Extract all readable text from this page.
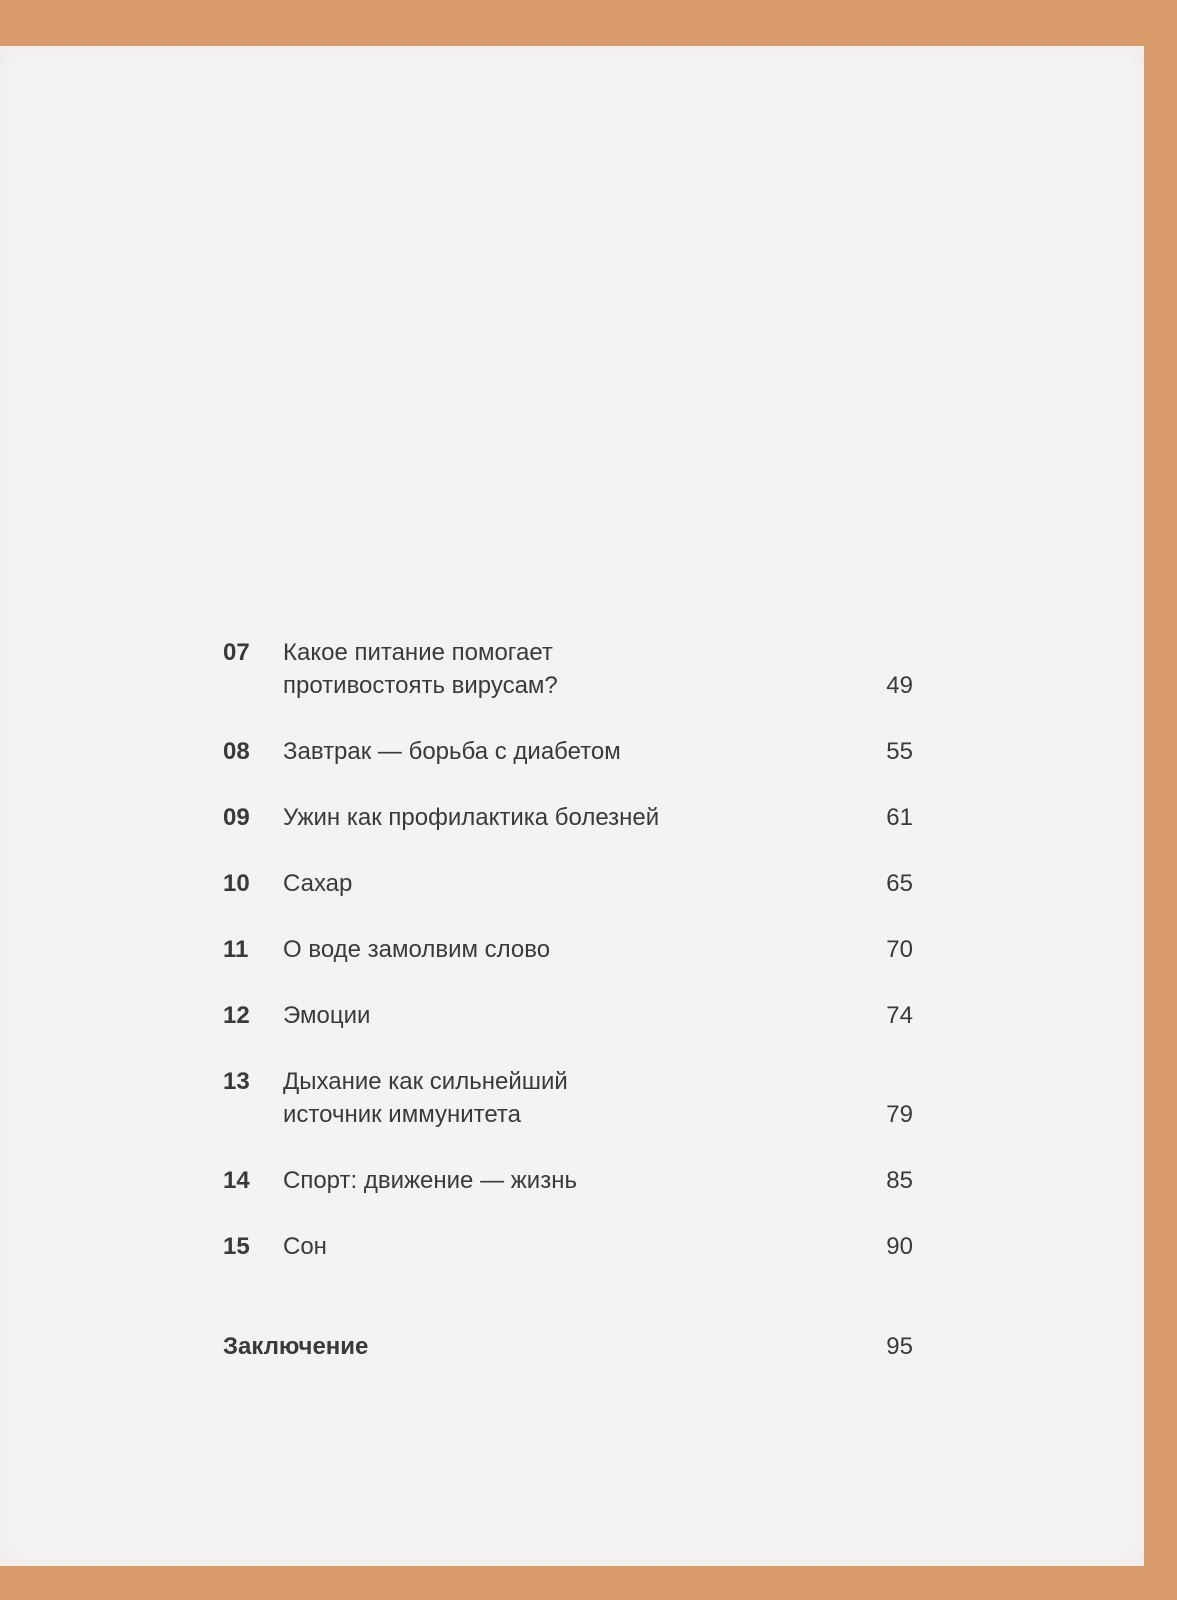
07	Какое питание помогает
противостоять вирусам?	49
08	Завтрак — борьба с диабетом	55
09	Ужин как профилактика болезней	61
10	Сахар	65
11	О воде замолвим слово	70
12	Эмоции	74
13	Дыхание как сильнейший
источник иммунитета	79
14	Спорт: движение — жизнь	85
15	Сон	90
Заключение	95
